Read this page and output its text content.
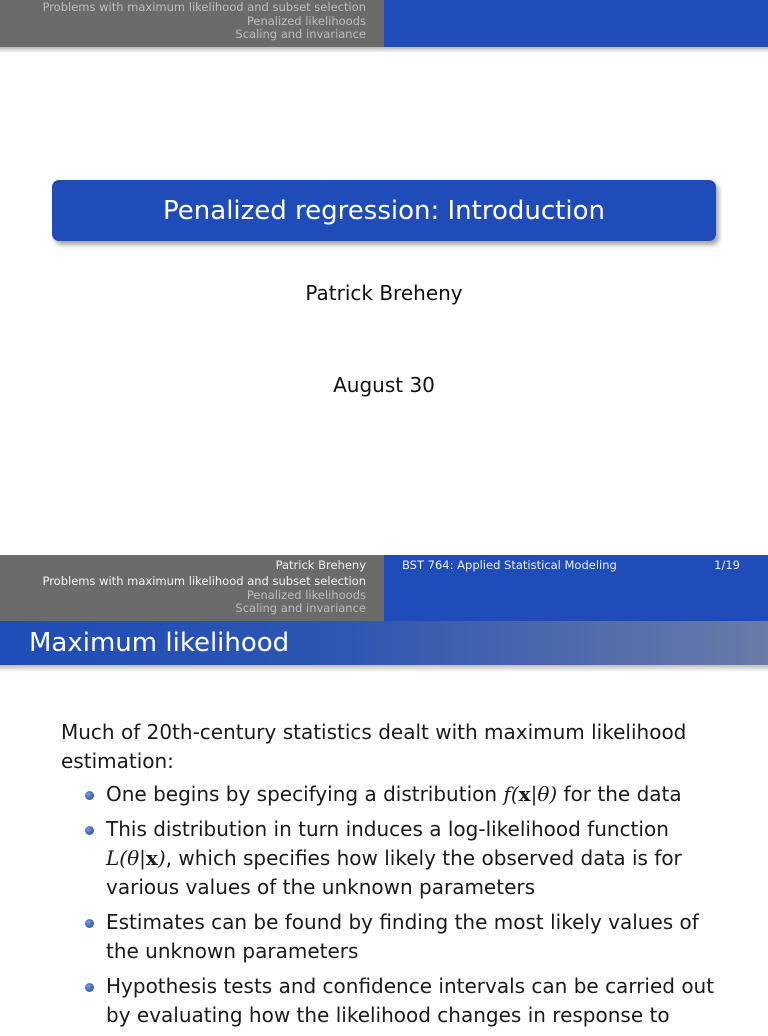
Problems with maximum likelihood and subset selection
Penalized likelihoods
Scaling and invariance
Penalized regression: Introduction
Patrick Breheny
August 30
Patrick Breheny	BST 764: Applied Statistical Modeling	1/19
Problems with maximum likelihood and subset selection
Penalized likelihoods
Scaling and invariance
Maximum likelihood

Much of 20th-century statistics dealt with maximum likelihood estimation:

One begins by specifying a distribution f(x|θ) for the data
This distribution in turn induces a log-likelihood function L(θ|x), which specifies how likely the observed data is for various values of the unknown parameters
Estimates can be found by finding the most likely values of the unknown parameters
Hypothesis tests and confidence intervals can be carried out by evaluating how the likelihood changes in response to
